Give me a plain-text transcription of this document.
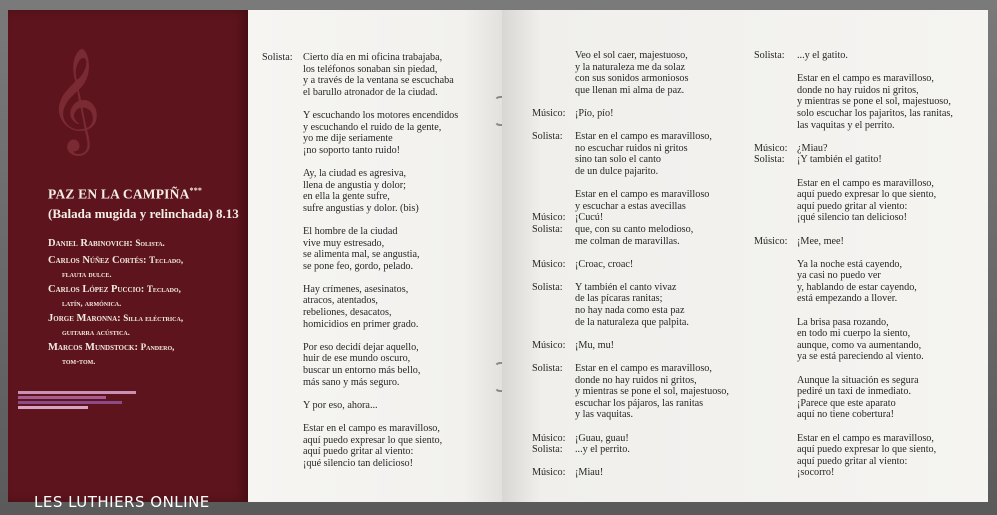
𝄞
PAZ EN LA CAMPIÑA***
(Balada mugida y relinchada) 8.13
Daniel Rabinovich: Solista.
Carlos Núñez Cortés: Teclado,
flauta dulce.
Carlos López Puccio: Teclado,
latín, armónica.
Jorge Maronna: Silla eléctrica,
guitarra acústica.
Marcos Mundstock: Pandero,
tom-tom.
LES LUTHIERS ONLINE
Solista:	Cierto día en mi oficina trabajaba,
los teléfonos sonaban sin piedad,
y a través de la ventana se escuchaba
el barullo atronador de la ciudad.
Y escuchando los motores encendidos
y escuchando el ruido de la gente,
yo me dije seriamente
¡no soporto tanto ruido!
Ay, la ciudad es agresiva,
llena de angustia y dolor;
en ella la gente sufre,
sufre angustias y dolor. (bis)
El hombre de la ciudad
vive muy estresado,
se alimenta mal, se angustia,
se pone feo, gordo, pelado.
Hay crímenes, asesinatos,
atracos, atentados,
rebeliones, desacatos,
homicidios en primer grado.
Por eso decidí dejar aquello,
huir de ese mundo oscuro,
buscar un entorno más bello,
más sano y más seguro.
Y por eso, ahora...
Estar en el campo es maravilloso,
aquí puedo expresar lo que siento,
aquí puedo gritar al viento:
¡qué silencio tan delicioso!
Veo el sol caer, majestuoso,
y la naturaleza me da solaz
con sus sonidos armoniosos
que llenan mi alma de paz.
Músico: ¡Pío, pío!
Solista:	Estar en el campo es maravilloso,
no escuchar ruidos ni gritos
sino tan solo el canto
de un dulce pajarito.
Estar en el campo es maravilloso
y escuchar a estas avecillas
Músico: ¡Cucú!
Solista:	que, con su canto melodioso,
me colman de maravillas.
Músico: ¡Croac, croac!
Solista:	Y también el canto vivaz
de las pícaras ranitas;
no hay nada como esta paz
de la naturaleza que palpita.
Músico: ¡Mu, mu!
Solista:	Estar en el campo es maravilloso,
donde no hay ruidos ni gritos,
y mientras se pone el sol, majestuoso,
escuchar los pájaros, las ranitas
y las vaquitas.
Músico: ¡Guau, guau!
Solista:	...y el perrito.
Músico: ¡Miau!
Solista:	...y el gatito.
Estar en el campo es maravilloso,
donde no hay ruidos ni gritos,
y mientras se pone el sol, majestuoso,
solo escuchar los pajaritos, las ranitas,
las vaquitas y el perrito.
Músico: ¿Miau?
Solista:	¡Y también el gatito!
Estar en el campo es maravilloso,
aquí puedo expresar lo que siento,
aquí puedo gritar al viento:
¡qué silencio tan delicioso!
Músico: ¡Mee, mee!
Ya la noche está cayendo,
ya casi no puedo ver
y, hablando de estar cayendo,
está empezando a llover.
La brisa pasa rozando,
en todo mi cuerpo la siento,
aunque, como va aumentando,
ya se está pareciendo al viento.
Aunque la situación es segura
pediré un taxi de inmediato.
¡Parece que este aparato
aquí no tiene cobertura!
Estar en el campo es maravilloso,
aquí puedo expresar lo que siento,
aquí puedo gritar al viento:
¡socorro!
